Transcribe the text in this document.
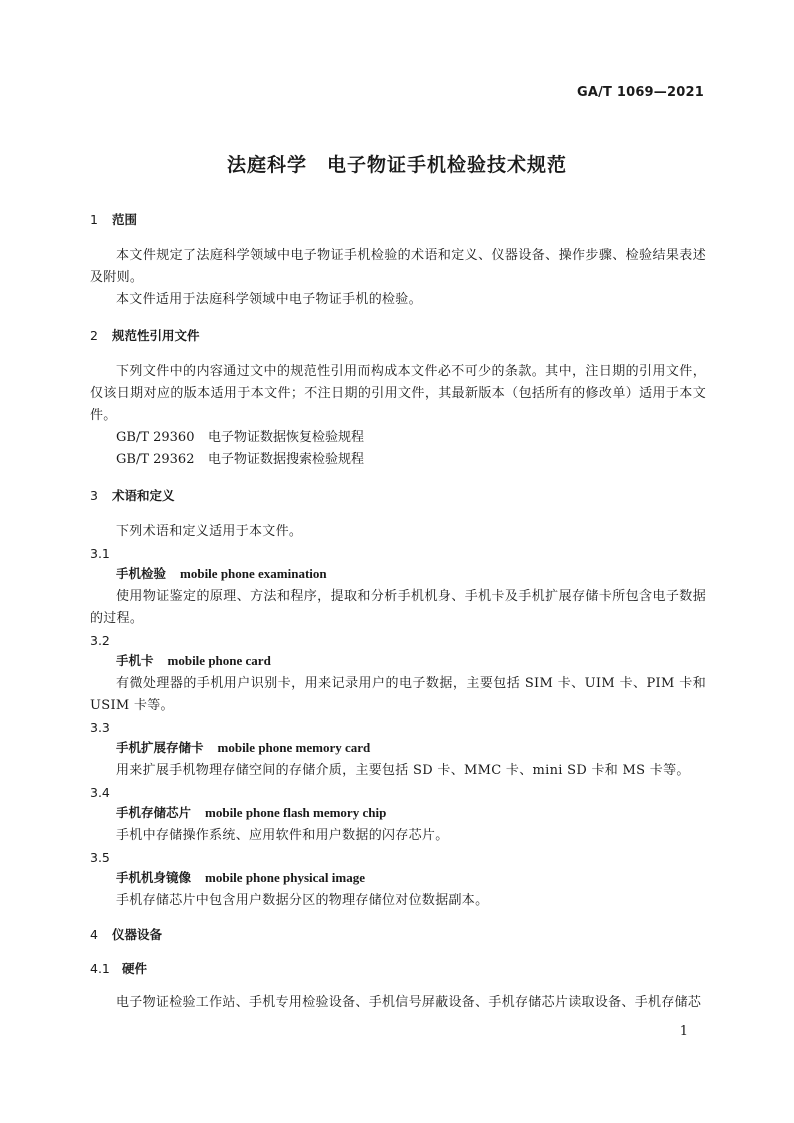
GA/T 1069—2021
法庭科学　电子物证手机检验技术规范
1 范围
本文件规定了法庭科学领域中电子物证手机检验的术语和定义、仪器设备、操作步骤、检验结果表述及附则。
本文件适用于法庭科学领域中电子物证手机的检验。
2 规范性引用文件
下列文件中的内容通过文中的规范性引用而构成本文件必不可少的条款。其中，注日期的引用文件，仅该日期对应的版本适用于本文件；不注日期的引用文件，其最新版本（包括所有的修改单）适用于本文件。
GB/T 29360 电子物证数据恢复检验规程
GB/T 29362 电子物证数据搜索检验规程
3 术语和定义
下列术语和定义适用于本文件。
3.1
手机检验 mobile phone examination
使用物证鉴定的原理、方法和程序，提取和分析手机机身、手机卡及手机扩展存储卡所包含电子数据的过程。
3.2
手机卡 mobile phone card
有微处理器的手机用户识别卡，用来记录用户的电子数据，主要包括 SIM 卡、UIM 卡、PIM 卡和 USIM 卡等。
3.3
手机扩展存储卡 mobile phone memory card
用来扩展手机物理存储空间的存储介质，主要包括 SD 卡、MMC 卡、mini SD 卡和 MS 卡等。
3.4
手机存储芯片 mobile phone flash memory chip
手机中存储操作系统、应用软件和用户数据的闪存芯片。
3.5
手机机身镜像 mobile phone physical image
手机存储芯片中包含用户数据分区的物理存储位对位数据副本。
4 仪器设备
4.1 硬件
电子物证检验工作站、手机专用检验设备、手机信号屏蔽设备、手机存储芯片读取设备、手机存储芯
1
